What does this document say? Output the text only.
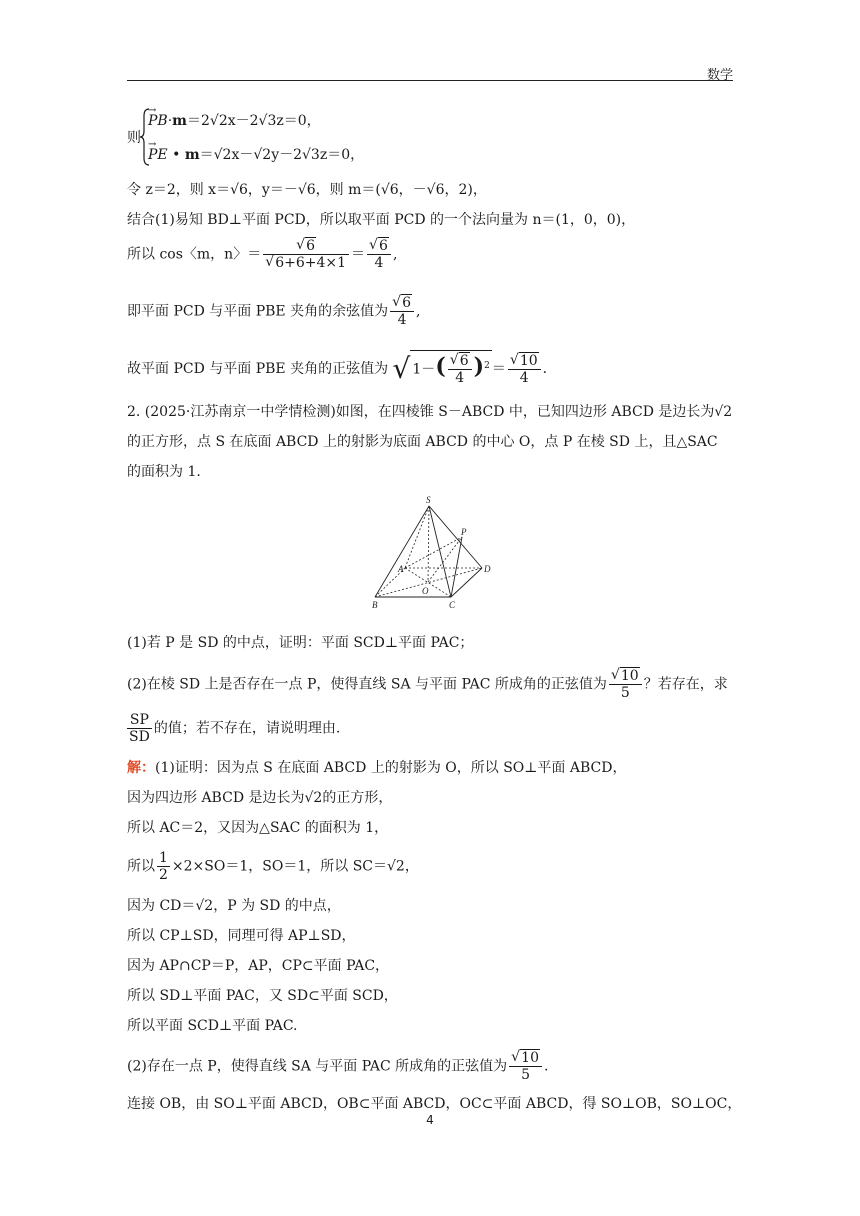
数学
则
→ PB·m＝2√2x－2√3z＝0，
→ PE • m＝√2x－√2y－2√3z＝0，
令 z＝2，则 x＝√6，y＝－√6，则 m＝(√6，－√6，2)，
结合(1)易知 BD⊥平面 PCD，所以取平面 PCD 的一个法向量为 n＝(1，0，0)，
所以 cos〈m，n〉＝ √ 6
√ 6+6+4×1 ＝ √ $\frac{6}{4}$ ,
即平面 PCD 与平面 PBE 夹角的余弦值为 √ $\frac{6}{4}$ ,
故平面 PCD 与平面 PBE 夹角的正弦值为 √ 1－( √ $\frac{6}{4} )^2$ ＝ √ $\frac{10}{4}$ .
2. (2025·江苏南京一中学情检测)如图，在四棱锥 S－ABCD 中，已知四边形 ABCD 是边长为√2
的正方形，点 S 在底面 ABCD 上的射影为底面 ABCD 的中心 O，点 P 在棱 SD 上，且△SAC
的面积为 1.
S
P
A	D
O
B	C
(1)若 P 是 SD 的中点，证明：平面 SCD⊥平面 PAC；
(2)在棱 SD 上是否存在一点 P，使得直线 SA 与平面 PAC 所成角的正弦值为 √ $\frac{10}{5}$ ？若存在，求
$\frac{SP}{SD}$ 的值；若不存在，请说明理由.
解：(1)证明：因为点 S 在底面 ABCD 上的射影为 O，所以 SO⊥平面 ABCD，
因为四边形 ABCD 是边长为√2的正方形，
所以 AC＝2，又因为△SAC 的面积为 1，
所以 $\frac{1}{2} \times 2\times SO=1$，SO＝1，所以 SC＝√2，
因为 CD＝√2，P 为 SD 的中点，
所以 CP⊥SD，同理可得 AP⊥SD，
因为 AP∩CP＝P，AP，CP⊂平面 PAC，
所以 SD⊥平面 PAC，又 SD⊂平面 SCD，
所以平面 SCD⊥平面 PAC.
(2)存在一点 P，使得直线 SA 与平面 PAC 所成角的正弦值为 √ $\frac{10}{5}$ .
连接 OB，由 SO⊥平面 ABCD，OB⊂平面 ABCD，OC⊂平面 ABCD，得 SO⊥OB，SO⊥OC，
4
